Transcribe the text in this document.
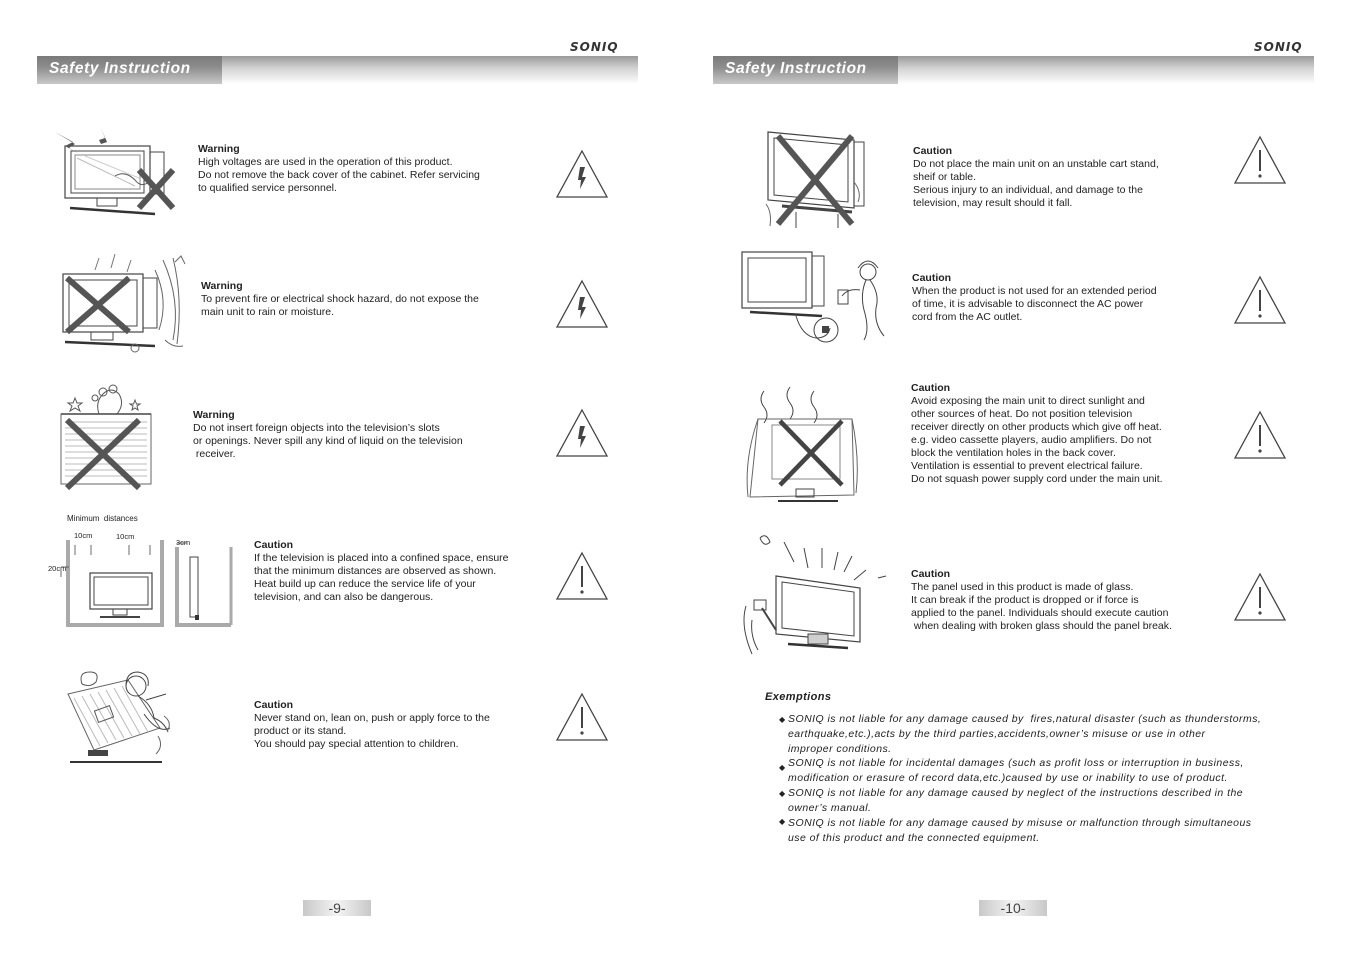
SONIQ
Safety Instruction
Minimum  distances
10cm	10cm
3cm
20cm
Warning
High voltages are used in the operation of this product.
Do not remove the back cover of the cabinet. Refer servicing
to qualified service personnel.
Warning
To prevent fire or electrical shock hazard, do not expose the
main unit to rain or moisture.
Warning
Do not insert foreign objects into the television’s slots
or openings. Never spill any kind of liquid on the television
receiver.
Caution
If the television is placed into a confined space, ensure
that the minimum distances are observed as shown.
Heat build up can reduce the service life of your
television, and can also be dangerous.
Caution
Never stand on, lean on, push or apply force to the
product or its stand.
You should pay special attention to children.
-9-
SONIQ
Safety Instruction
Caution
Do not place the main unit on an unstable cart stand,
sheif or table.
Serious injury to an individual, and damage to the
television, may result should it fall.
Caution
When the product is not used for an extended period
of time, it is advisable to disconnect the AC power
cord from the AC outlet.
Caution
Avoid exposing the main unit to direct sunlight and
other sources of heat. Do not position television
receiver directly on other products which give off heat.
e.g. video cassette players, audio amplifiers. Do not
block the ventilation holes in the back cover.
Ventilation is essential to prevent electrical failure.
Do not squash power supply cord under the main unit.
Caution
The panel used in this product is made of glass.
It can break if the product is dropped or if force is
applied to the panel. Individuals should execute caution
when dealing with broken glass should the panel break.
Exemptions
◆ SONIQ is not liable for any damage caused by  fires,natural disaster (such as thunderstorms,
earthquake,etc.),acts by the third parties,accidents,owner’s misuse or use in other
improper conditions.
◆ SONIQ is not liable for incidental damages (such as profit loss or interruption in business,
modification or erasure of record data,etc.)caused by use or inability to use of product.
◆ SONIQ is not liable for any damage caused by neglect of the instructions described in the
owner’s manual.
◆ SONIQ is not liable for any damage caused by misuse or malfunction through simultaneous
use of this product and the connected equipment.
-10-
